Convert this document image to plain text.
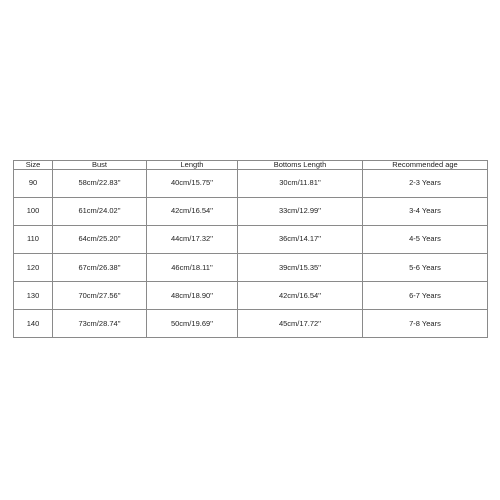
Size	Bust	Length	Bottoms Length	Recommended age
90	58cm/22.83''	40cm/15.75''	30cm/11.81''	2-3 Years
100	61cm/24.02''	42cm/16.54''	33cm/12.99''	3-4 Years
110	64cm/25.20''	44cm/17.32''	36cm/14.17''	4-5 Years
120	67cm/26.38''	46cm/18.11''	39cm/15.35''	5-6 Years
130	70cm/27.56''	48cm/18.90''	42cm/16.54''	6-7 Years
140	73cm/28.74''	50cm/19.69''	45cm/17.72''	7-8 Years
